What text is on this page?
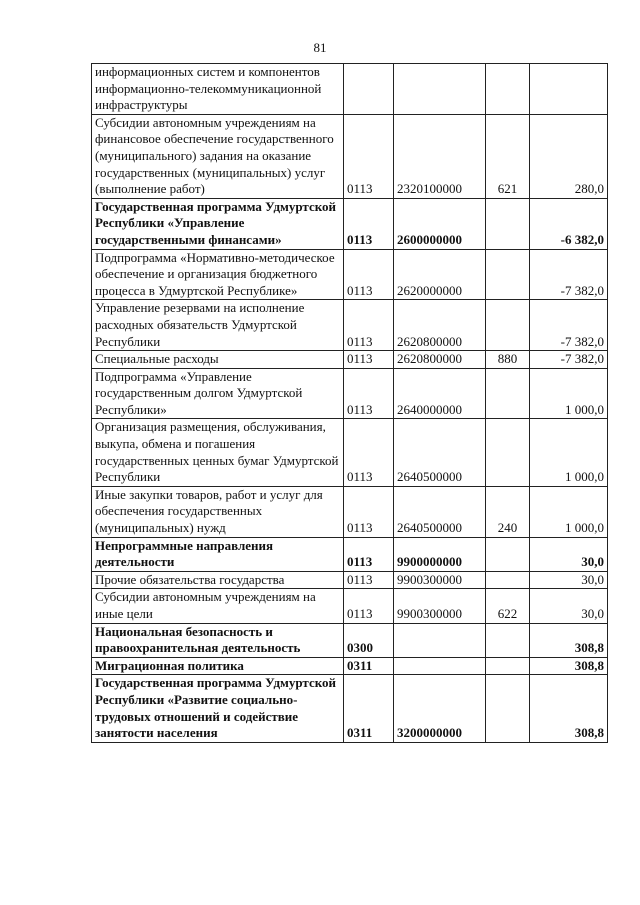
81
информационных систем и компонентов информационно-телекоммуникационной инфраструктуры				
Субсидии автономным учреждениям на финансовое обеспечение государственного (муниципального) задания на оказание государственных (муниципальных) услуг (выполнение работ)	0113	2320100000	621	280,0
Государственная программа Удмуртской Республики «Управление государственными финансами»	0113	2600000000		-6 382,0
Подпрограмма «Нормативно-методическое обеспечение и организация бюджетного процесса в Удмуртской Республике»	0113	2620000000		-7 382,0
Управление резервами на исполнение расходных обязательств Удмуртской Республики	0113	2620800000		-7 382,0
Специальные расходы	0113	2620800000	880	-7 382,0
Подпрограмма «Управление государственным долгом Удмуртской Республики»	0113	2640000000		1 000,0
Организация размещения, обслуживания, выкупа, обмена и погашения государственных ценных бумаг Удмуртской Республики	0113	2640500000		1 000,0
Иные закупки товаров, работ и услуг для обеспечения государственных (муниципальных) нужд	0113	2640500000	240	1 000,0
Непрограммные направления деятельности	0113	9900000000		30,0
Прочие обязательства государства	0113	9900300000		30,0
Субсидии автономным учреждениям на иные цели	0113	9900300000	622	30,0
Национальная безопасность и правоохранительная деятельность	0300			308,8
Миграционная политика	0311			308,8
Государственная программа Удмуртской Республики «Развитие социально-трудовых отношений и содействие занятости населения	0311	3200000000		308,8
